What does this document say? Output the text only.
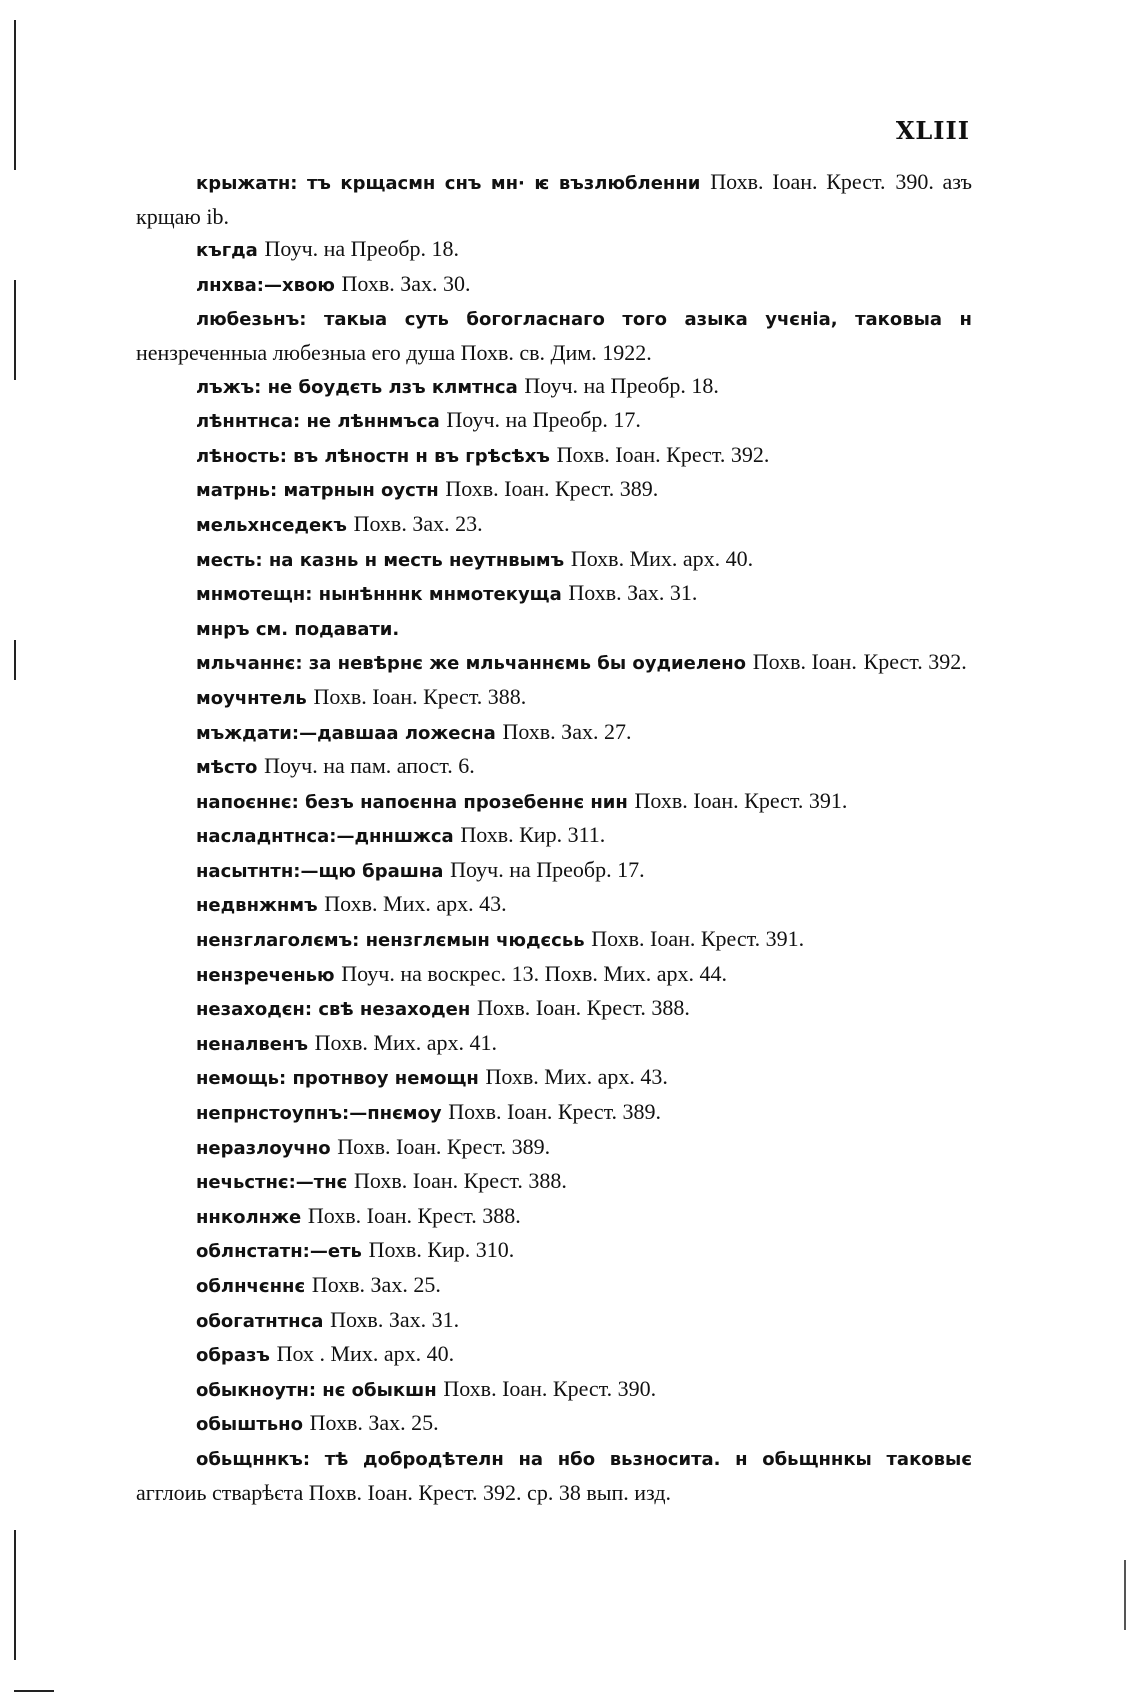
XLIII
крыжатн: тъ крщасмн снъ мн· ѥ възлюбленни Похв. Іоан. Крест. 390. азъ крщаю ib.
къгда Поуч. на Преобр. 18.
лнхва:—хвою Похв. Зах. 30.
любезьнъ: такыа суть богогласнаго того азыка учєніа, таковыа н нензреченныа любезныа его душа Похв. св. Дим. 1922.
лъжъ: не боудєть лзъ клмтнса Поуч. на Преобр. 18.
лѣннтнса: не лѣннмъса Поуч. на Преобр. 17.
лѣность: въ лѣностн н въ грѣсѣхъ Похв. Іоан. Крест. 392.
матрнь: матрнын оустн Похв. Іоан. Крест. 389.
мельхнседекъ Похв. Зах. 23.
месть: на казнь н месть неутнвымъ Похв. Мих. арх. 40.
мнмотещн: нынѣнннк мнмотекуща Похв. Зах. 31.
мнръ см. подавати.
мльчаннє: за невѣрнє же мльчаннємь бы оудиелено Похв. Іоан. Крест. 392.
моучнтель Похв. Іоан. Крест. 388.
мъждати:—давшаа ложесна Похв. Зах. 27.
мѣсто Поуч. на пам. апост. 6.
напоєннє: безъ напоєннa прозебеннє нин Похв. Іоан. Крест. 391.
насладнтнса:—днншжса Похв. Кир. 311.
насытнтн:—щю брашна Поуч. на Преобр. 17.
недвнжнмъ Похв. Мих. арх. 43.
нензглаголємъ: нензглємын чюдєсьь Похв. Іоан. Крест. 391.
нензреченью Поуч. на воскрес. 13. Похв. Мих. арх. 44.
незаходєн: свѣ незаходен Похв. Іоан. Крест. 388.
неналвенъ Похв. Мих. арх. 41.
немощь: протнвоу немощн Похв. Мих. арх. 43.
непрнстоупнъ:—пнємоу Похв. Іоан. Крест. 389.
неразлоучно Похв. Іоан. Крест. 389.
нечьстнє:—тнє Похв. Іоан. Крест. 388.
ннколнже Похв. Іоан. Крест. 388.
облнстатн:—еть Похв. Кир. 310.
облнчєннє Похв. Зах. 25.
обогатнтнса Похв. Зах. 31.
образъ Пох . Мих. арх. 40.
обыкноутн: нє обыкшн Похв. Іоан. Крест. 390.
обыштьно Похв. Зах. 25.
обьщннкъ: тѣ добродѣтелн на нбо вьзносита. н обьщннкы таковыє агглоиь стварѣєта Похв. Іоан. Крест. 392. ср. 38 вып. изд.
